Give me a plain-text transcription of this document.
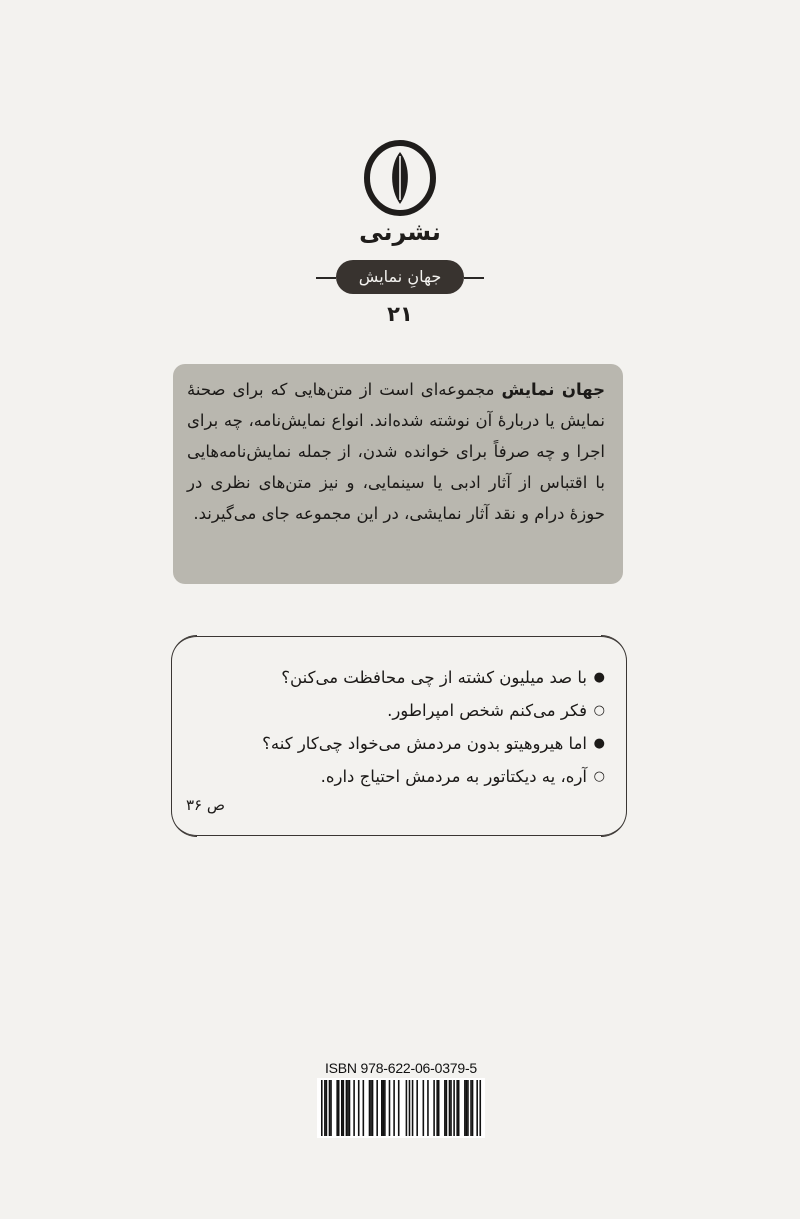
نشرنی
جهانِ نمایش
۲۱
جهان نمایش مجموعه‌ای است از متن‌هایی که برای صحنهٔ نمایش یا دربارهٔ آن نوشته شده‌اند. انواع نمایش‌نامه، چه برای اجرا و چه صرفاً برای خوانده شدن، از جمله نمایش‌نامه‌هایی با اقتباس از آثار ادبی یا سینمایی، و نیز متن‌های نظری در حوزهٔ درام و نقد آثار نمایشی، در این مجموعه جای می‌گیرند.
●
با صد میلیون کشته از چی محافظت می‌کنن؟
○
فکر می‌کنم شخص امپراطور.
●
اما هیروهیتو بدون مردمش می‌خواد چی‌کار کنه؟
○
آره، یه دیکتاتور به مردمش احتیاج داره.
ص ۳۶
ISBN 978-622-06-0379-5
